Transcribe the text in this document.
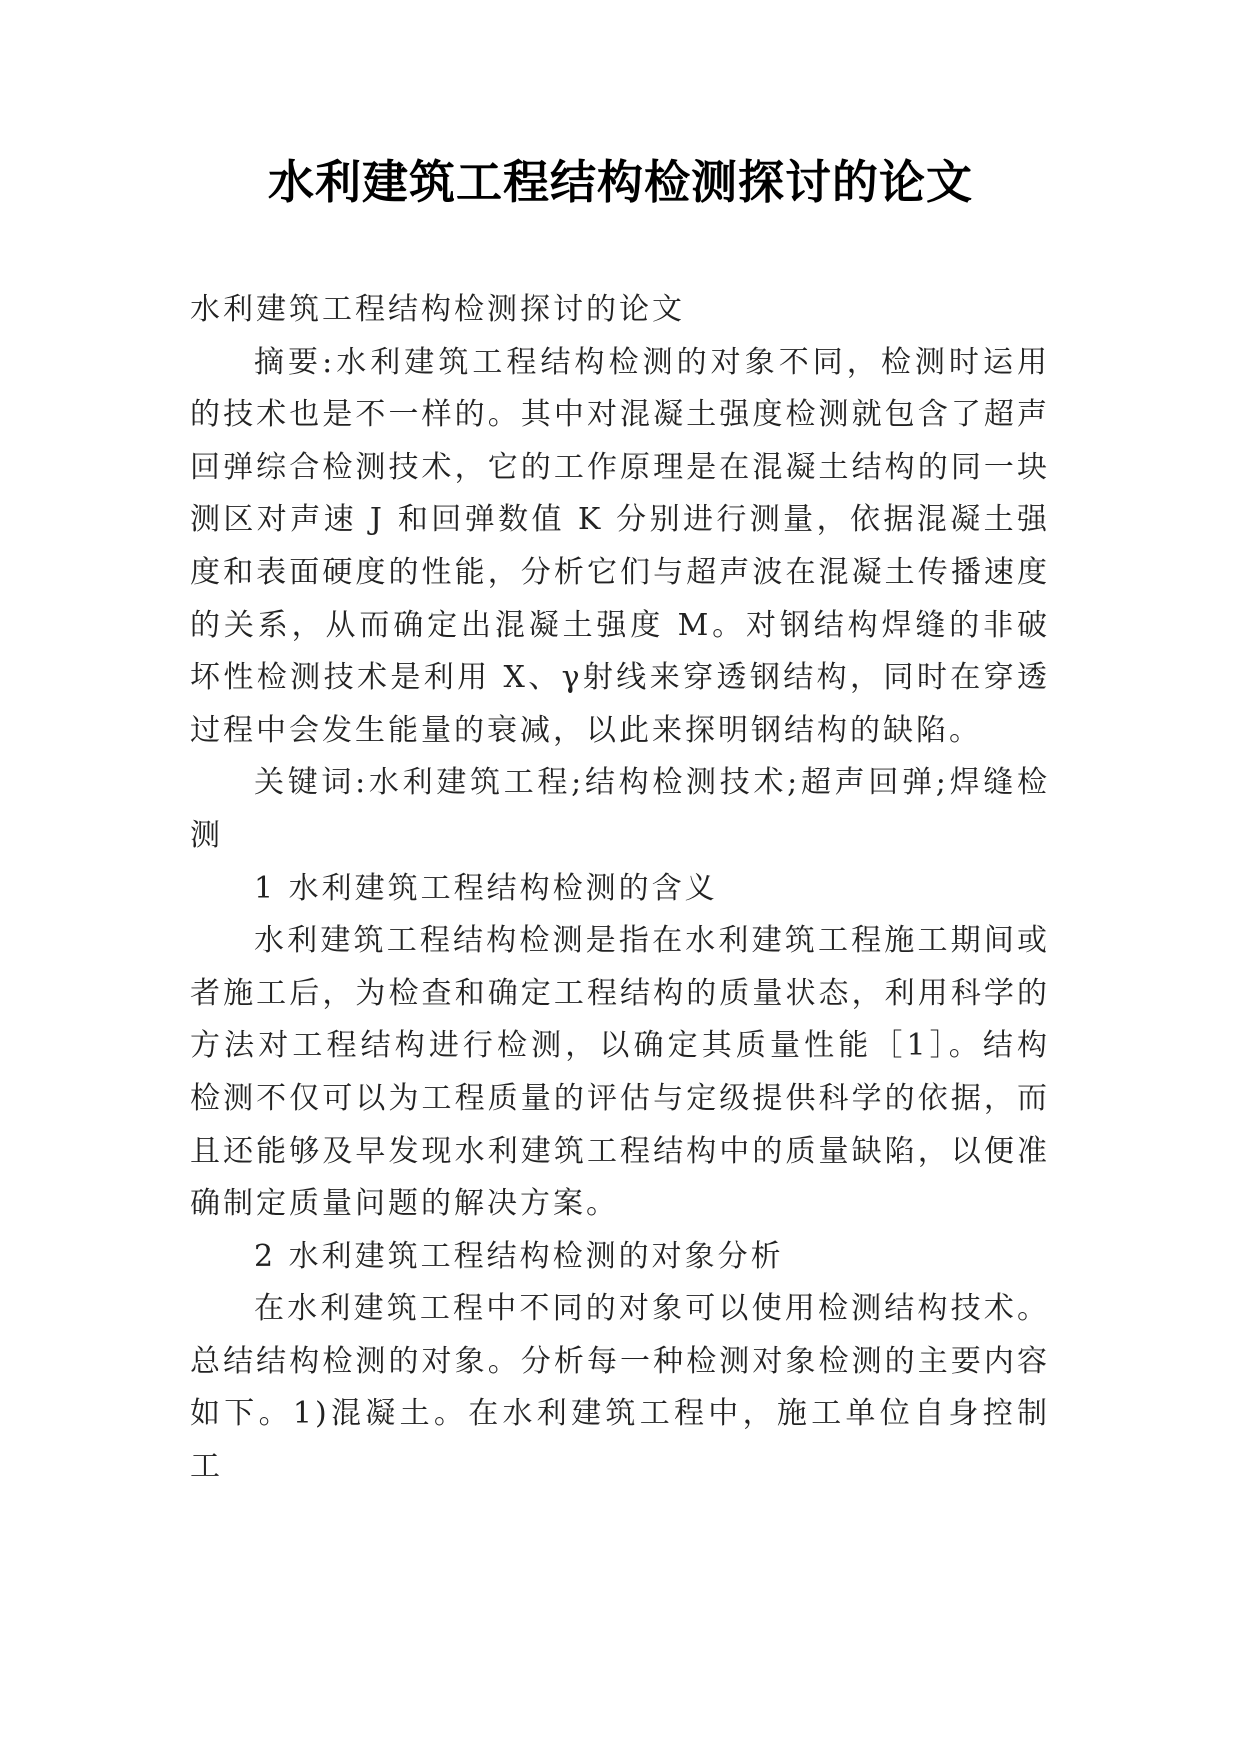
水利建筑工程结构检测探讨的论文

水利建筑工程结构检测探讨的论文

摘要:水利建筑工程结构检测的对象不同，检测时运用的技术也是不一样的。其中对混凝土强度检测就包含了超声回弹综合检测技术，它的工作原理是在混凝土结构的同一块测区对声速 J 和回弹数值 K 分别进行测量，依据混凝土强度和表面硬度的性能，分析它们与超声波在混凝土传播速度的关系，从而确定出混凝土强度 M。对钢结构焊缝的非破坏性检测技术是利用 X、γ射线来穿透钢结构，同时在穿透过程中会发生能量的衰减，以此来探明钢结构的缺陷。

关键词:水利建筑工程;结构检测技术;超声回弹;焊缝检测

1 水利建筑工程结构检测的含义

水利建筑工程结构检测是指在水利建筑工程施工期间或者施工后，为检查和确定工程结构的质量状态，利用科学的方法对工程结构进行检测，以确定其质量性能［1］。结构检测不仅可以为工程质量的评估与定级提供科学的依据，而且还能够及早发现水利建筑工程结构中的质量缺陷，以便准确制定质量问题的解决方案。

2 水利建筑工程结构检测的对象分析

在水利建筑工程中不同的对象可以使用检测结构技术。总结结构检测的对象。分析每一种检测对象检测的主要内容如下。1)混凝土。在水利建筑工程中，施工单位自身控制工
